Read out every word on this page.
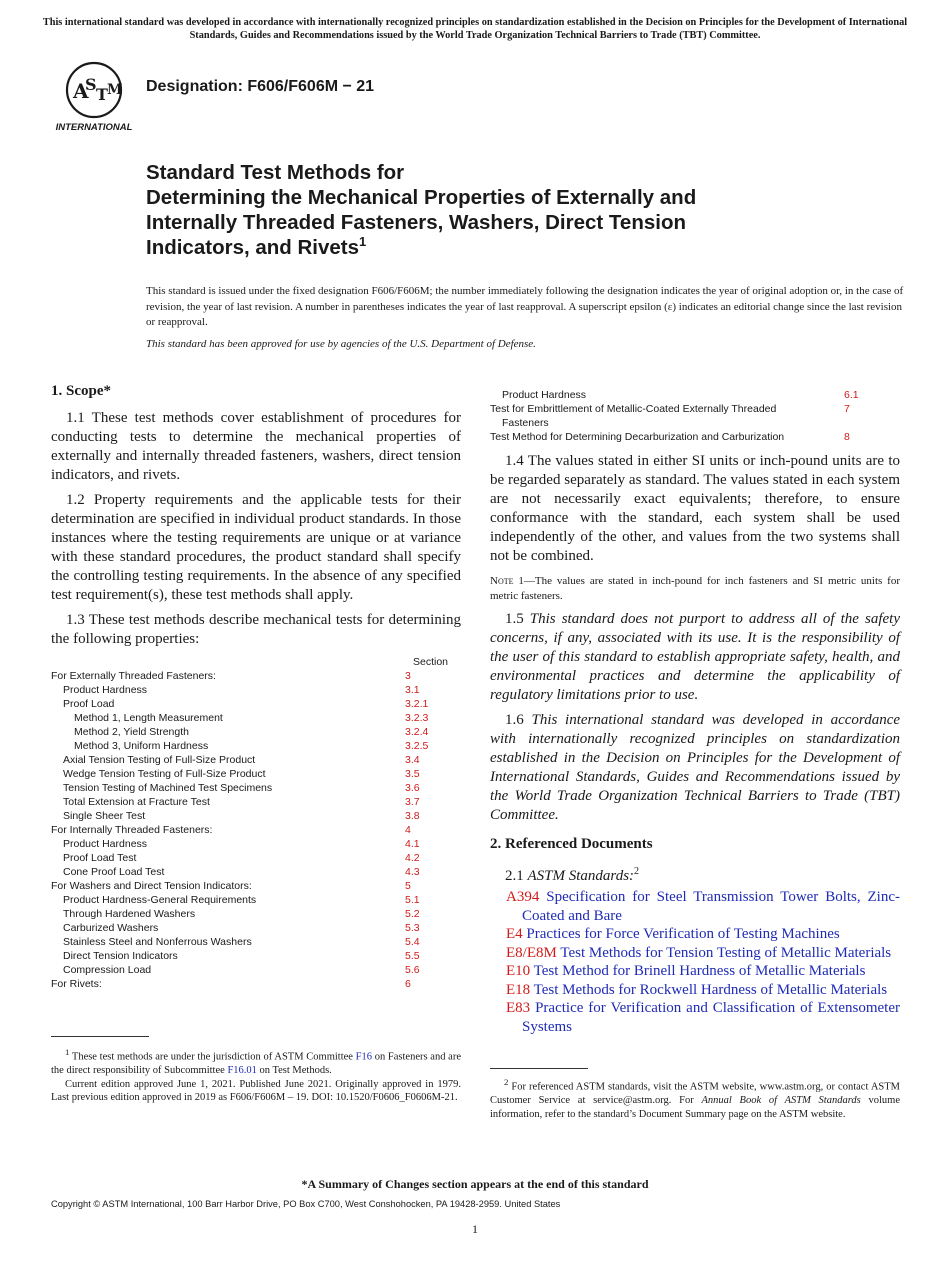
This international standard was developed in accordance with internationally recognized principles on standardization established in the Decision on Principles for the Development of International Standards, Guides and Recommendations issued by the World Trade Organization Technical Barriers to Trade (TBT) Committee.
A
S
T M
INTERNATIONAL
Designation: F606/F606M − 21
Standard Test Methods for
Determining the Mechanical Properties of Externally and
Internally Threaded Fasteners, Washers, Direct Tension
Indicators, and Rivets$^1$
This standard is issued under the fixed designation F606/F606M; the number immediately following the designation indicates the year of original adoption or, in the case of revision, the year of last revision. A number in parentheses indicates the year of last reapproval. A superscript epsilon (ε) indicates an editorial change since the last revision or reapproval.
This standard has been approved for use by agencies of the U.S. Department of Defense.
1. Scope*

1.1 These test methods cover establishment of procedures for conducting tests to determine the mechanical properties of externally and internally threaded fasteners, washers, direct tension indicators, and rivets.

1.2 Property requirements and the applicable tests for their determination are specified in individual product standards. In those instances where the testing requirements are unique or at variance with these standard procedures, the product standard shall specify the controlling testing requirements. In the absence of any specified test requirement(s), these test methods shall apply.

1.3 These test methods describe mechanical tests for determining the following properties:

Section
For Externally Threaded Fasteners:	3
Product Hardness	3.1
Proof Load	3.2.1
Method 1, Length Measurement	3.2.3
Method 2, Yield Strength	3.2.4
Method 3, Uniform Hardness	3.2.5
Axial Tension Testing of Full-Size Product	3.4
Wedge Tension Testing of Full-Size Product	3.5
Tension Testing of Machined Test Specimens	3.6
Total Extension at Fracture Test	3.7
Single Sheer Test	3.8
For Internally Threaded Fasteners:	4
Product Hardness	4.1
Proof Load Test	4.2
Cone Proof Load Test	4.3
For Washers and Direct Tension Indicators:	5
Product Hardness-General Requirements	5.1
Through Hardened Washers	5.2
Carburized Washers	5.3
Stainless Steel and Nonferrous Washers	5.4
Direct Tension Indicators	5.5
Compression Load	5.6
For Rivets:	6
$^1$ These test methods are under the jurisdiction of ASTM Committee F16 on Fasteners and are the direct responsibility of Subcommittee F16.01 on Test Methods.
Current edition approved June 1, 2021. Published June 2021. Originally approved in 1979. Last previous edition approved in 2019 as F606/F606M – 19. DOI: 10.1520/F0606_F0606M-21.
Product Hardness	6.1
Test for Embrittlement of Metallic-Coated Externally Threaded	7
Fasteners
Test Method for Determining Decarburization and Carburization	8

1.4 The values stated in either SI units or inch-pound units are to be regarded separately as standard. The values stated in each system are not necessarily exact equivalents; therefore, to ensure conformance with the standard, each system shall be used independently of the other, and values from the two systems shall not be combined.

Note 1—The values are stated in inch-pound for inch fasteners and SI metric units for metric fasteners.

1.5 This standard does not purport to address all of the safety concerns, if any, associated with its use. It is the responsibility of the user of this standard to establish appropriate safety, health, and environmental practices and determine the applicability of regulatory limitations prior to use.

1.6 This international standard was developed in accordance with internationally recognized principles on standardization established in the Decision on Principles for the Development of International Standards, Guides and Recommendations issued by the World Trade Organization Technical Barriers to Trade (TBT) Committee.

2. Referenced Documents
2.1 ASTM Standards:$^2$
A394 Specification for Steel Transmission Tower Bolts, Zinc-Coated and Bare
E4 Practices for Force Verification of Testing Machines
E8/E8M Test Methods for Tension Testing of Metallic Materials
E10 Test Method for Brinell Hardness of Metallic Materials
E18 Test Methods for Rockwell Hardness of Metallic Materials
E83 Practice for Verification and Classification of Extensometer Systems
$^2$ For referenced ASTM standards, visit the ASTM website, www.astm.org, or contact ASTM Customer Service at service@astm.org. For Annual Book of ASTM Standards volume information, refer to the standard’s Document Summary page on the ASTM website.
*A Summary of Changes section appears at the end of this standard
Copyright © ASTM International, 100 Barr Harbor Drive, PO Box C700, West Conshohocken, PA 19428-2959. United States
1
